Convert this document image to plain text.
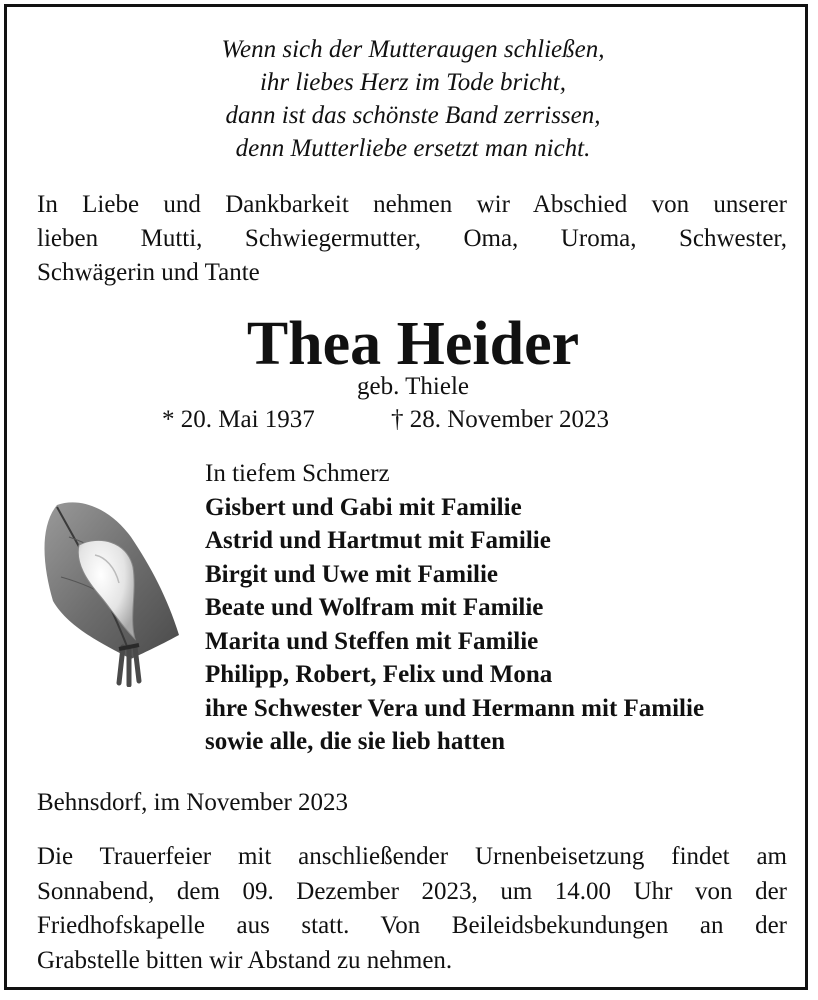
Wenn sich der Mutteraugen schließen,
ihr liebes Herz im Tode bricht,
dann ist das schönste Band zerrissen,
denn Mutterliebe ersetzt man nicht.
In Liebe und Dankbarkeit nehmen wir Abschied von unserer
lieben Mutti, Schwiegermutter, Oma, Uroma, Schwester,
Schwägerin und Tante
Thea Heider
geb. Thiele
* 20. Mai 1937	† 28. November 2023
In tiefem Schmerz
Gisbert und Gabi mit Familie
Astrid und Hartmut mit Familie
Birgit und Uwe mit Familie
Beate und Wolfram mit Familie
Marita und Steffen mit Familie
Philipp, Robert, Felix und Mona
ihre Schwester Vera und Hermann mit Familie
sowie alle, die sie lieb hatten
Behnsdorf, im November 2023
Die Trauerfeier mit anschließender Urnenbeisetzung findet am
Sonnabend, dem 09. Dezember 2023, um 14.00 Uhr von der
Friedhofskapelle aus statt. Von Beileidsbekundungen an der
Grabstelle bitten wir Abstand zu nehmen.
